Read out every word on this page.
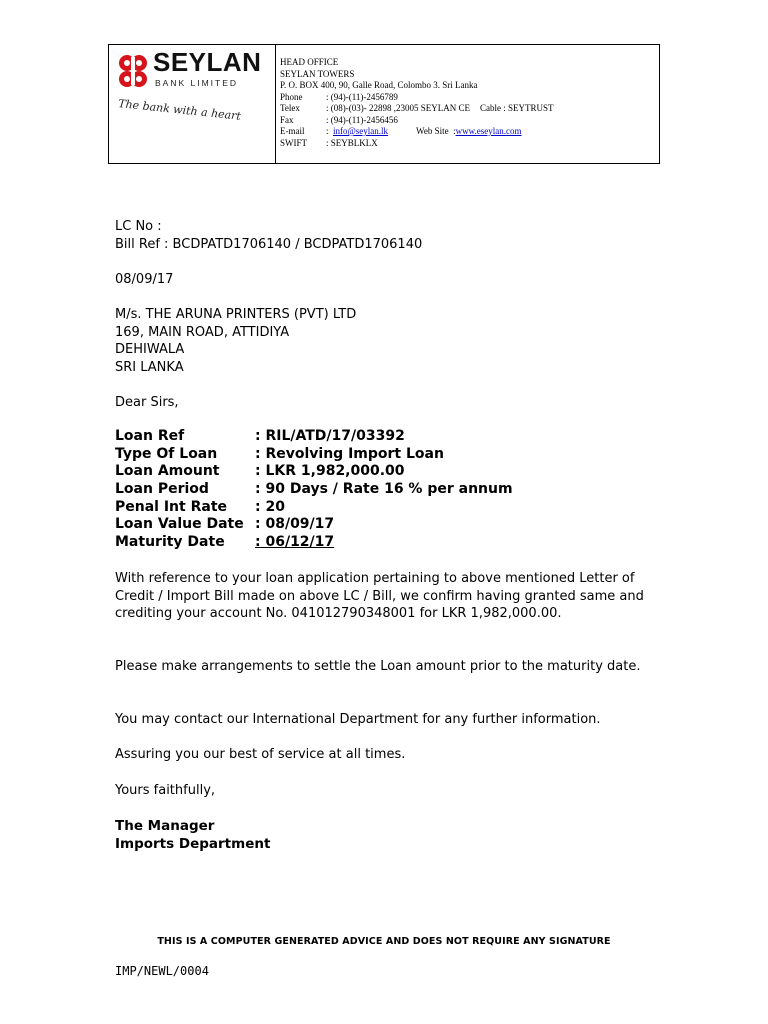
SEYLAN
BANK LIMITED
The bank with a heart
HEAD OFFICE
SEYLAN TOWERS
P. O. BOX 400, 90, Galle Road, Colombo 3. Sri Lanka
Phone	: (94)-(11)-2456789
Telex	: (08)-(03)- 22898 ,23005 SEYLAN CE Cable : SEYTRUST
Fax	: (94)-(11)-2456456
E-mail : info@seylan.lk	Web Site :www.eseylan.com
SWIFT : SEYBLKLX
LC No :
Bill Ref : BCDPATD1706140 / BCDPATD1706140
08/09/17
M/s. THE ARUNA PRINTERS (PVT) LTD
169, MAIN ROAD, ATTIDIYA
DEHIWALA
SRI LANKA
Dear Sirs,
Loan Ref	: RIL/ATD/17/03392
Type Of Loan	: Revolving Import Loan
Loan Amount	: LKR 1,982,000.00
Loan Period	: 90 Days / Rate 16 % per annum
Penal Int Rate : 20
Loan Value Date : 08/09/17
Maturity Date : 06/12/17
With reference to your loan application pertaining to above mentioned Letter of Credit / Import Bill made on above LC / Bill, we confirm having granted same and crediting your account No. 041012790348001 for LKR 1,982,000.00.
Please make arrangements to settle the Loan amount prior to the maturity date.
You may contact our International Department for any further information.
Assuring you our best of service at all times.
Yours faithfully,
The Manager
Imports Department
THIS IS A COMPUTER GENERATED ADVICE AND DOES NOT REQUIRE ANY SIGNATURE
IMP/NEWL/0004
